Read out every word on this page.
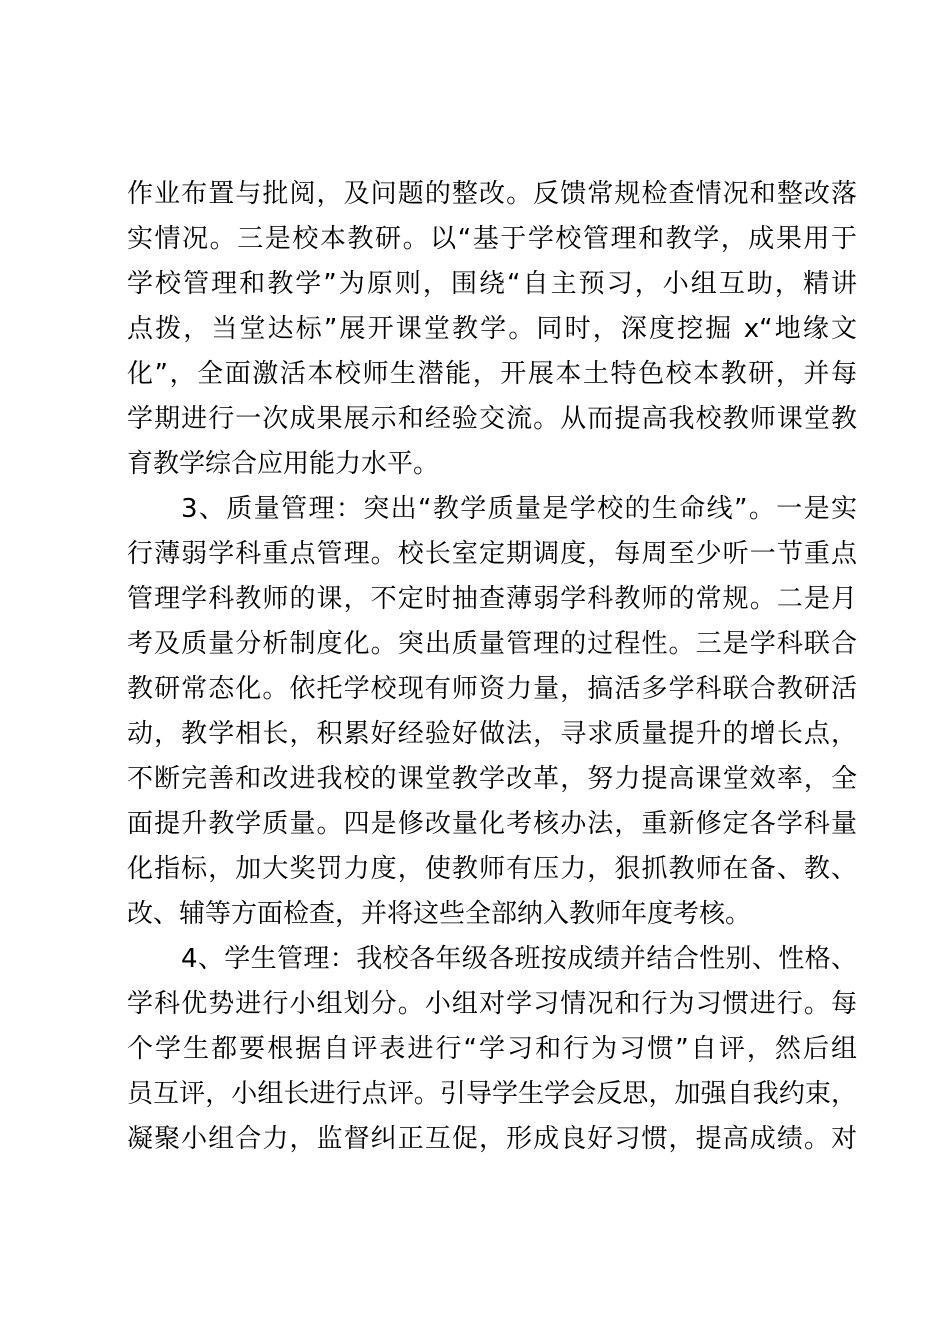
作业布置与批阅，及问题的整改。反馈常规检查情况和整改落
实情况。三是校本教研。以“基于学校管理和教学，成果用于
学校管理和教学”为原则，围绕“自主预习，小组互助，精讲
点拨，当堂达标”展开课堂教学。同时，深度挖掘 x“地缘文
化”，全面激活本校师生潜能，开展本土特色校本教研，并每
学期进行一次成果展示和经验交流。从而提高我校教师课堂教
育教学综合应用能力水平。
3、质量管理：突出“教学质量是学校的生命线”。一是实
行薄弱学科重点管理。校长室定期调度，每周至少听一节重点
管理学科教师的课，不定时抽查薄弱学科教师的常规。二是月
考及质量分析制度化。突出质量管理的过程性。三是学科联合
教研常态化。依托学校现有师资力量，搞活多学科联合教研活
动，教学相长，积累好经验好做法，寻求质量提升的增长点，
不断完善和改进我校的课堂教学改革，努力提高课堂效率，全
面提升教学质量。四是修改量化考核办法，重新修定各学科量
化指标，加大奖罚力度，使教师有压力，狠抓教师在备、教、
改、辅等方面检查，并将这些全部纳入教师年度考核。
4、学生管理：我校各年级各班按成绩并结合性别、性格、
学科优势进行小组划分。小组对学习情况和行为习惯进行。每
个学生都要根据自评表进行“学习和行为习惯”自评，然后组
员互评，小组长进行点评。引导学生学会反思，加强自我约束，
凝聚小组合力，监督纠正互促，形成良好习惯，提高成绩。对
